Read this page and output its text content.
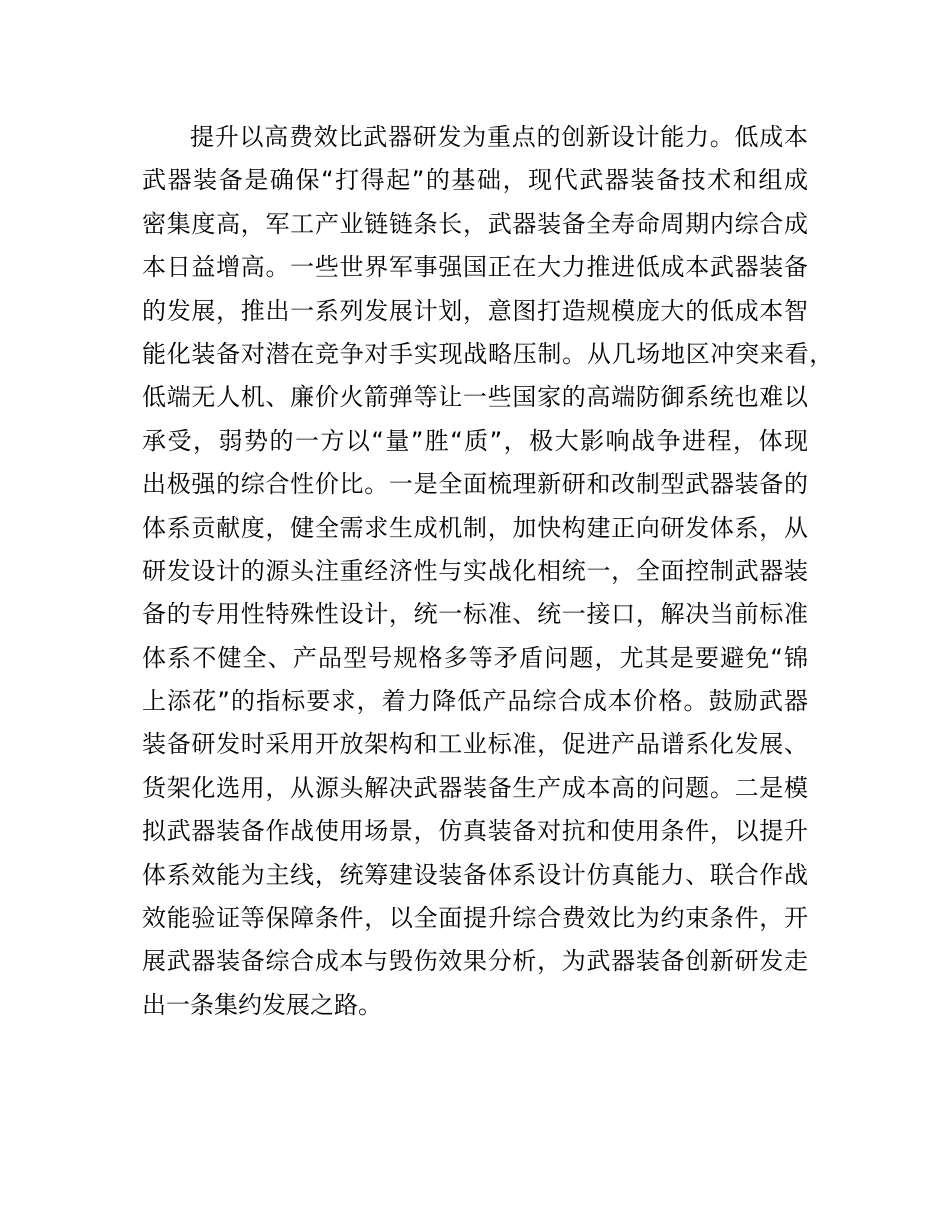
提升以高费效比武器研发为重点的创新设计能力。低成本
武器装备是确保“打得起”的基础，现代武器装备技术和组成
密集度高，军工产业链链条长，武器装备全寿命周期内综合成
本日益增高。一些世界军事强国正在大力推进低成本武器装备
的发展，推出一系列发展计划，意图打造规模庞大的低成本智
能化装备对潜在竞争对手实现战略压制。从几场地区冲突来看，
低端无人机、廉价火箭弹等让一些国家的高端防御系统也难以
承受，弱势的一方以“量”胜“质”，极大影响战争进程，体现
出极强的综合性价比。一是全面梳理新研和改制型武器装备的
体系贡献度，健全需求生成机制，加快构建正向研发体系，从
研发设计的源头注重经济性与实战化相统一，全面控制武器装
备的专用性特殊性设计，统一标准、统一接口，解决当前标准
体系不健全、产品型号规格多等矛盾问题，尤其是要避免“锦
上添花”的指标要求，着力降低产品综合成本价格。鼓励武器
装备研发时采用开放架构和工业标准，促进产品谱系化发展、
货架化选用，从源头解决武器装备生产成本高的问题。二是模
拟武器装备作战使用场景，仿真装备对抗和使用条件，以提升
体系效能为主线，统筹建设装备体系设计仿真能力、联合作战
效能验证等保障条件，以全面提升综合费效比为约束条件，开
展武器装备综合成本与毁伤效果分析，为武器装备创新研发走
出一条集约发展之路。
